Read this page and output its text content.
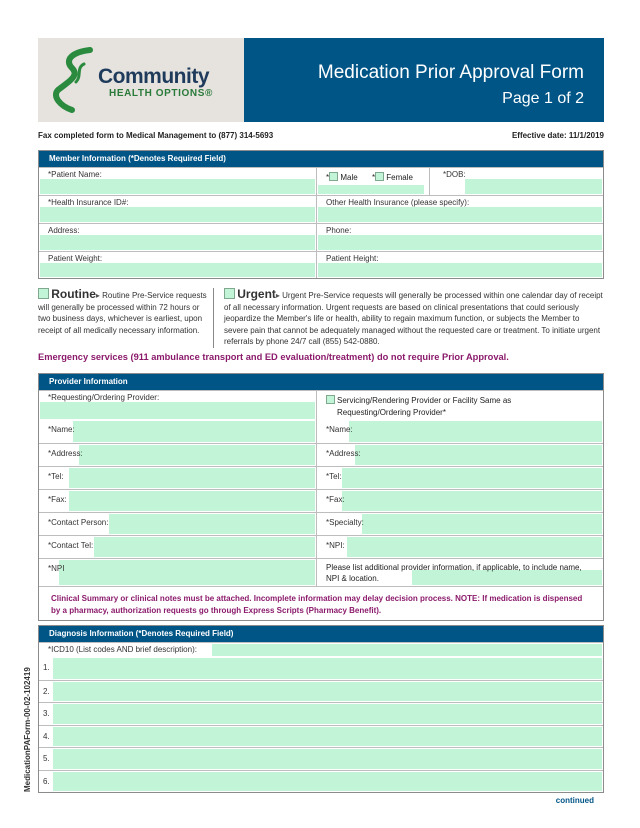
Community
HEALTH OPTIONS®
Medication Prior Approval Form
Page 1 of 2
Fax completed form to Medical Management to (877) 314-5693	Effective date: 11/1/2019
Member Information (*Denotes Required Field)
*Patient Name:	* Male * Female	*DOB:
*Health Insurance ID#:	Other Health Insurance (please specify):
Address:	Phone:
Patient Weight:	Patient Height:
Routine▸ Routine Pre-Service requests will generally be processed within 72 hours or two business days, whichever is earliest, upon receipt of all medically necessary information.
Urgent▸ Urgent Pre-Service requests will generally be processed within one calendar day of receipt of all necessary information. Urgent requests are based on clinical presentations that could seriously jeopardize the Member's life or health, ability to regain maximum function, or subjects the Member to severe pain that cannot be adequately managed without the requested care or treatment. To initiate urgent referrals by phone 24/7 call (855) 542-0880.
Emergency services (911 ambulance transport and ED evaluation/treatment) do not require Prior Approval.
Provider Information
*Requesting/Ordering Provider:	Servicing/Rendering Provider or Facility Same as Requesting/Ordering Provider*
*Name:	*Name:
*Address:	*Address:
*Tel:	*Tel:
*Fax:	*Fax:
*Contact Person:	*Specialty:
*Contact Tel:	*NPI:
*NPI	Please list additional provider information, if applicable, to include name, NPI & location.
Clinical Summary or clinical notes must be attached. Incomplete information may delay decision process. NOTE: If medication is dispensed by a pharmacy, authorization requests go through Express Scripts (Pharmacy Benefit).
Diagnosis Information (*Denotes Required Field)
*ICD10 (List codes AND brief description):
1.
2.
3.
4.
5.
6.
MedicationPAForm-00-02-102419
continued
